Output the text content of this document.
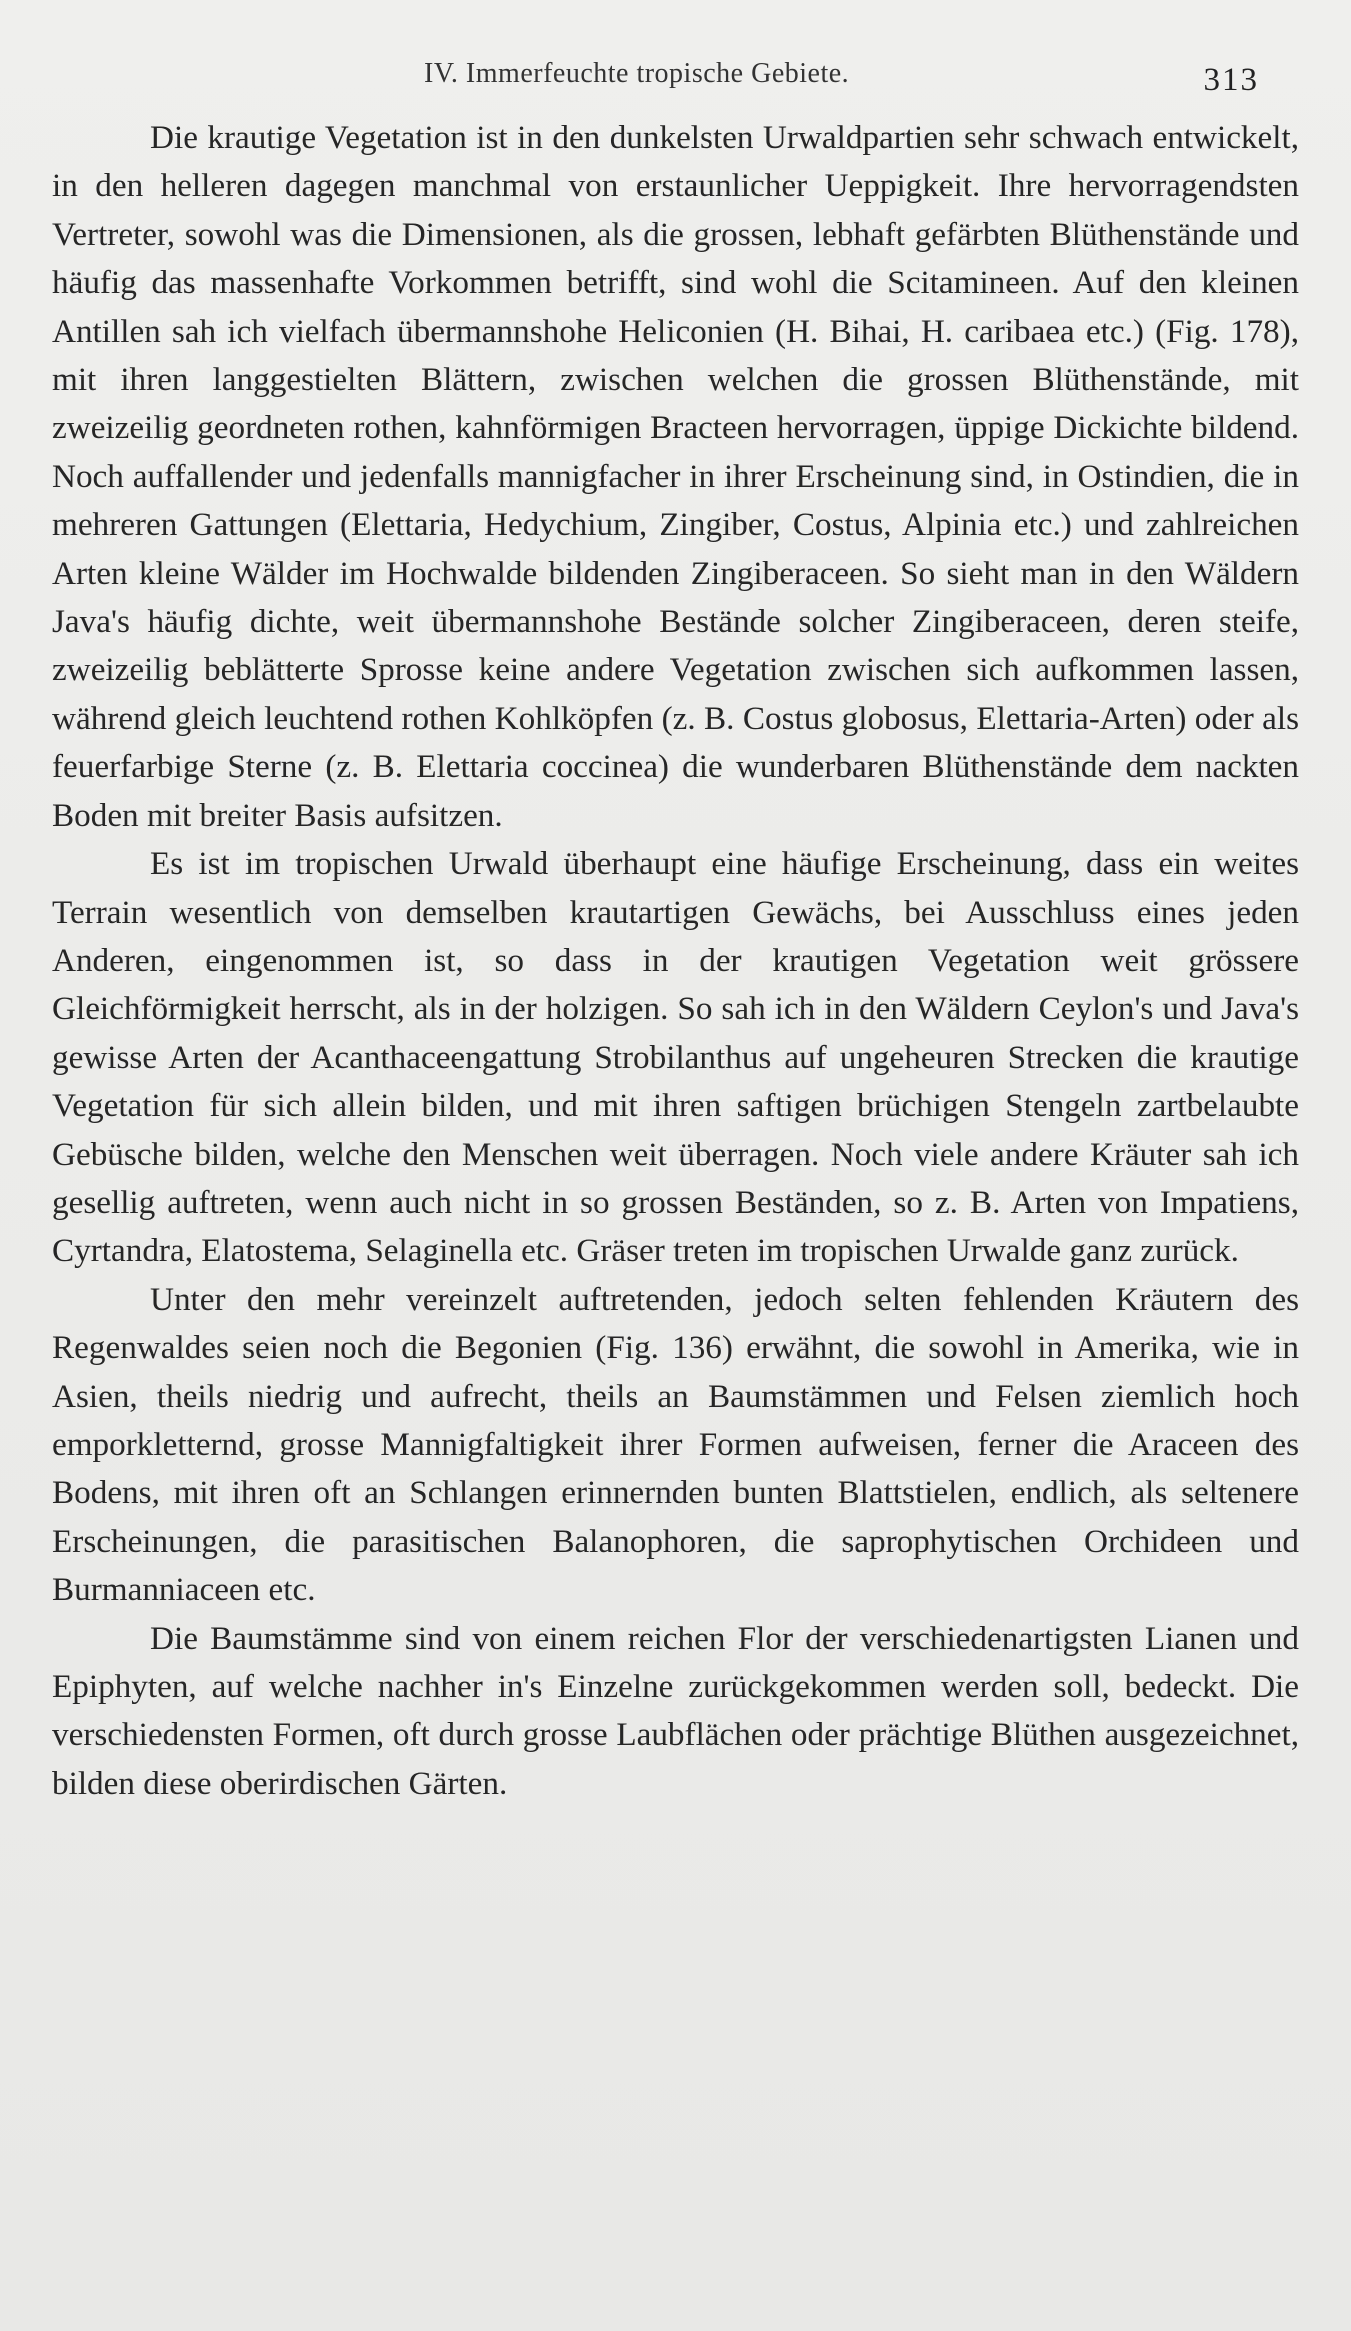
IV. Immerfeuchte tropische Gebiete.	313

Die krautige Vegetation ist in den dunkelsten Urwaldpartien sehr schwach entwickelt, in den helleren dagegen manchmal von erstaunlicher Ueppigkeit. Ihre hervorragendsten Vertreter, sowohl was die Dimensionen, als die grossen, lebhaft gefärbten Blüthenstände und häufig das massenhafte Vorkommen betrifft, sind wohl die Scitamineen. Auf den kleinen Antillen sah ich vielfach übermannshohe Heliconien (H. Bihai, H. caribaea etc.) (Fig. 178), mit ihren langgestielten Blättern, zwischen welchen die grossen Blüthenstände, mit zweizeilig geordneten rothen, kahnförmigen Bracteen hervorragen, üppige Dickichte bildend. Noch auffallender und jedenfalls mannigfacher in ihrer Erscheinung sind, in Ostindien, die in mehreren Gattungen (Elettaria, Hedychium, Zingiber, Costus, Alpinia etc.) und zahlreichen Arten kleine Wälder im Hochwalde bildenden Zingiberaceen. So sieht man in den Wäldern Java's häufig dichte, weit übermannshohe Bestände solcher Zingiberaceen, deren steife, zweizeilig beblätterte Sprosse keine andere Vegetation zwischen sich aufkommen lassen, während gleich leuchtend rothen Kohlköpfen (z. B. Costus globosus, Elettaria-Arten) oder als feuerfarbige Sterne (z. B. Elettaria coccinea) die wunderbaren Blüthenstände dem nackten Boden mit breiter Basis aufsitzen.

Es ist im tropischen Urwald überhaupt eine häufige Erscheinung, dass ein weites Terrain wesentlich von demselben krautartigen Gewächs, bei Ausschluss eines jeden Anderen, eingenommen ist, so dass in der krautigen Vegetation weit grössere Gleichförmigkeit herrscht, als in der holzigen. So sah ich in den Wäldern Ceylon's und Java's gewisse Arten der Acanthaceengattung Strobilanthus auf ungeheuren Strecken die krautige Vegetation für sich allein bilden, und mit ihren saftigen brüchigen Stengeln zartbelaubte Gebüsche bilden, welche den Menschen weit überragen. Noch viele andere Kräuter sah ich gesellig auftreten, wenn auch nicht in so grossen Beständen, so z. B. Arten von Impatiens, Cyrtandra, Elatostema, Selaginella etc. Gräser treten im tropischen Urwalde ganz zurück.

Unter den mehr vereinzelt auftretenden, jedoch selten fehlenden Kräutern des Regenwaldes seien noch die Begonien (Fig. 136) erwähnt, die sowohl in Amerika, wie in Asien, theils niedrig und aufrecht, theils an Baumstämmen und Felsen ziemlich hoch emporkletternd, grosse Mannigfaltigkeit ihrer Formen aufweisen, ferner die Araceen des Bodens, mit ihren oft an Schlangen erinnernden bunten Blattstielen, endlich, als seltenere Erscheinungen, die parasitischen Balanophoren, die saprophytischen Orchideen und Burmanniaceen etc.

Die Baumstämme sind von einem reichen Flor der verschiedenartigsten Lianen und Epiphyten, auf welche nachher in's Einzelne zurückgekommen werden soll, bedeckt. Die verschiedensten Formen, oft durch grosse Laubflächen oder prächtige Blüthen ausgezeichnet, bilden diese oberirdischen Gärten.
